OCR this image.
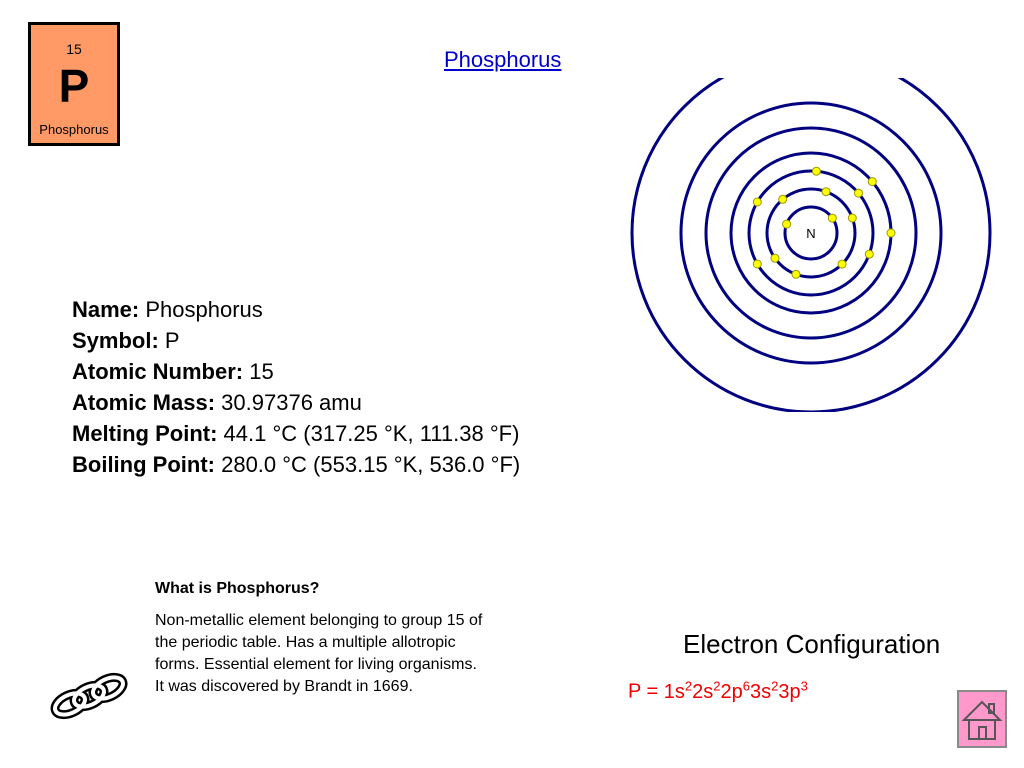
15
P
Phosphorus
Phosphorus
N
Name: Phosphorus
Symbol: P
Atomic Number: 15
Atomic Mass: 30.97376 amu
Melting Point: 44.1 °C (317.25 °K, 111.38 °F)
Boiling Point: 280.0 °C (553.15 °K, 536.0 °F)
What is Phosphorus?
Non-metallic element belonging to group 15 of
the periodic table. Has a multiple allotropic
forms. Essential element for living organisms.
It was discovered by Brandt in 1669.
Electron Configuration
$P = 1s^22s^22p^63s^23p^3$
